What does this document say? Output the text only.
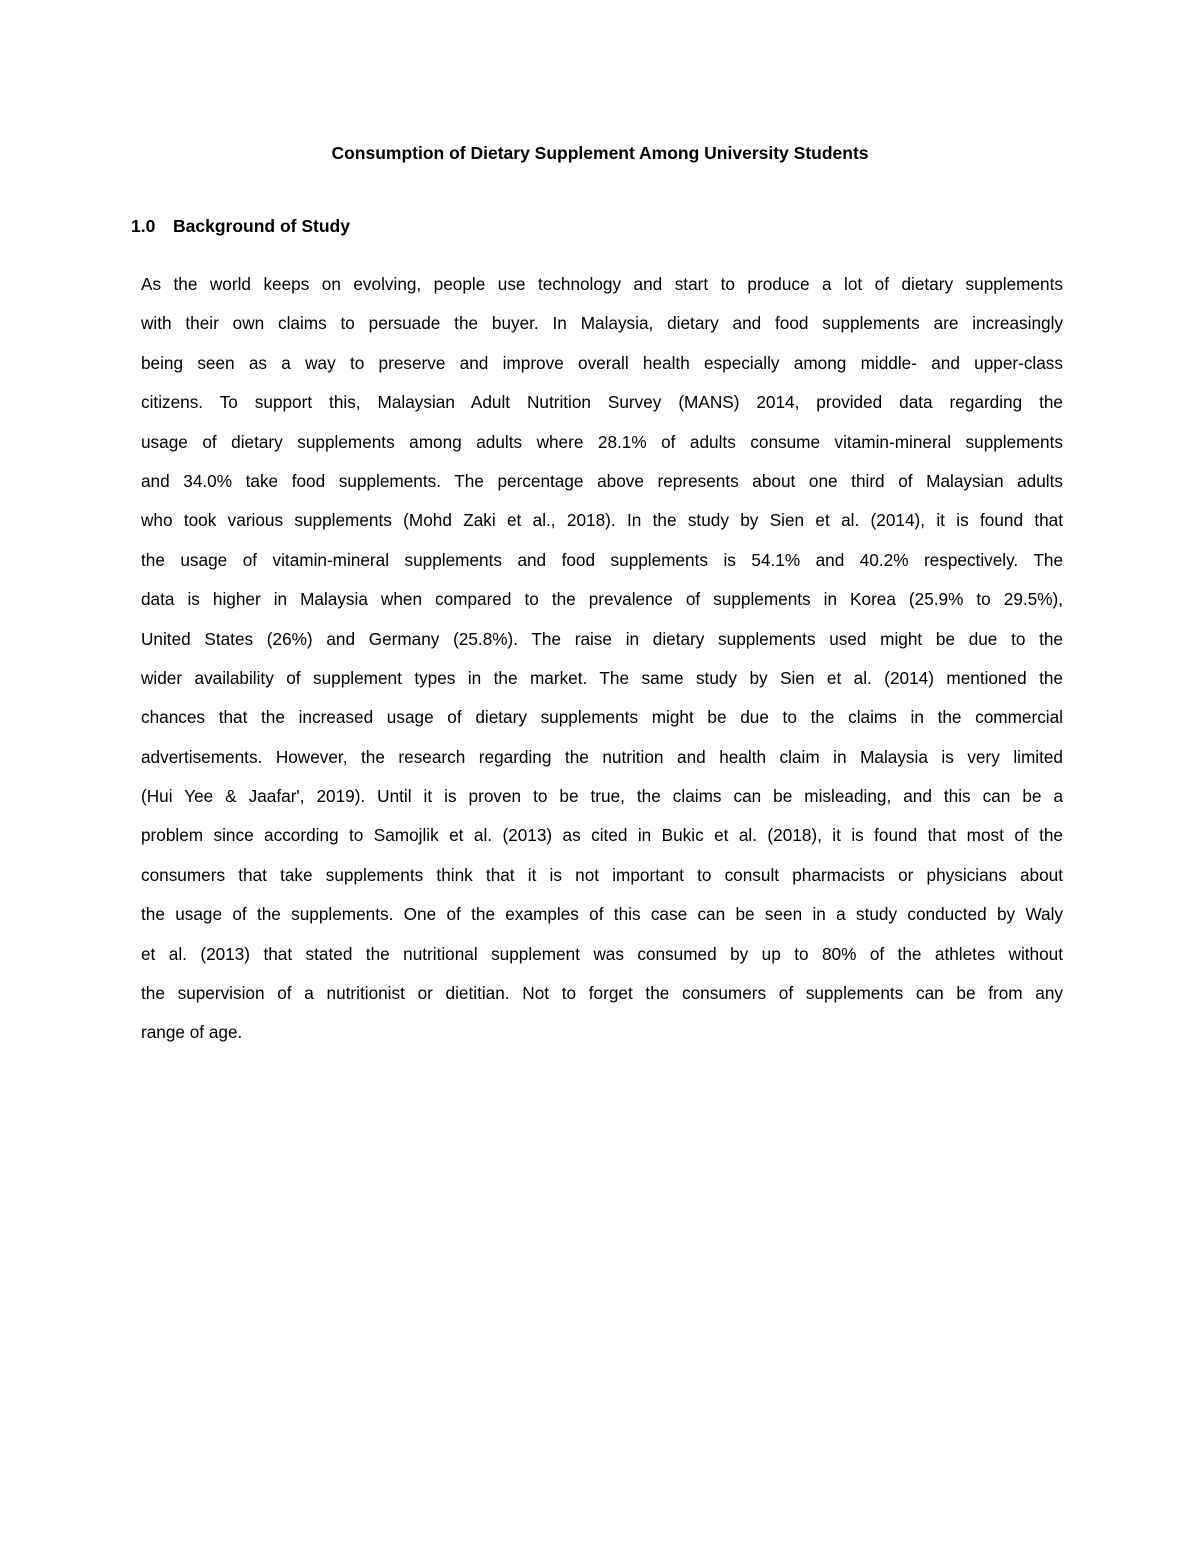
Consumption of Dietary Supplement Among University Students
1.0 Background of Study
As the world keeps on evolving, people use technology and start to produce a lot of dietary supplements
with their own claims to persuade the buyer. In Malaysia, dietary and food supplements are increasingly
being seen as a way to preserve and improve overall health especially among middle- and upper-class
citizens. To support this, Malaysian Adult Nutrition Survey (MANS) 2014, provided data regarding the
usage of dietary supplements among adults where 28.1% of adults consume vitamin-mineral supplements
and 34.0% take food supplements. The percentage above represents about one third of Malaysian adults
who took various supplements (Mohd Zaki et al., 2018). In the study by Sien et al. (2014), it is found that
the usage of vitamin-mineral supplements and food supplements is 54.1% and 40.2% respectively. The
data is higher in Malaysia when compared to the prevalence of supplements in Korea (25.9% to 29.5%),
United States (26%) and Germany (25.8%). The raise in dietary supplements used might be due to the
wider availability of supplement types in the market. The same study by Sien et al. (2014) mentioned the
chances that the increased usage of dietary supplements might be due to the claims in the commercial
advertisements. However, the research regarding the nutrition and health claim in Malaysia is very limited
(Hui Yee & Jaafar', 2019). Until it is proven to be true, the claims can be misleading, and this can be a
problem since according to Samojlik et al. (2013) as cited in Bukic et al. (2018), it is found that most of the
consumers that take supplements think that it is not important to consult pharmacists or physicians about
the usage of the supplements. One of the examples of this case can be seen in a study conducted by Waly
et al. (2013) that stated the nutritional supplement was consumed by up to 80% of the athletes without
the supervision of a nutritionist or dietitian. Not to forget the consumers of supplements can be from any
range of age.
